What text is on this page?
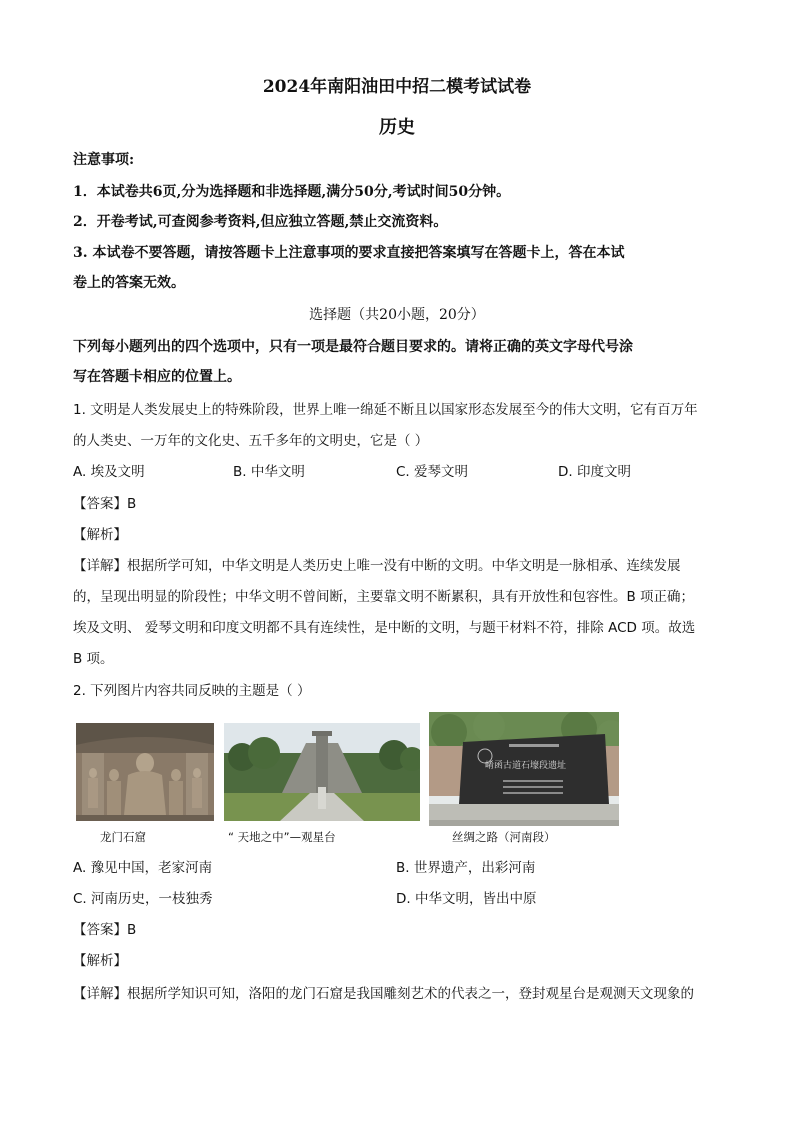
2024年南阳油田中招二模考试试卷
历史
注意事项:
1．本试卷共6页,分为选择题和非选择题,满分50分,考试时间50分钟。
2．开卷考试,可查阅参考资料,但应独立答题,禁止交流资料。
3. 本试卷不要答题，请按答题卡上注意事项的要求直接把答案填写在答题卡上，答在本试
卷上的答案无效。
选择题（共20小题，20分）
下列每小题列出的四个选项中，只有一项是最符合题目要求的。请将正确的英文字母代号涂
写在答题卡相应的位置上。
1. 文明是人类发展史上的特殊阶段，世界上唯一绵延不断且以国家形态发展至今的伟大文明，它有百万年
的人类史、一万年的文化史、五千多年的文明史，它是（ ）
A. 埃及文明	B. 中华文明	C. 爱琴文明	D. 印度文明
【答案】B
【解析】
【详解】根据所学可知，中华文明是人类历史上唯一没有中断的文明。中华文明是一脉相承、连续发展
的，呈现出明显的阶段性；中华文明不曾间断，主要靠文明不断累积，具有开放性和包容性。B 项正确；
埃及文明、 爱琴文明和印度文明都不具有连续性，是中断的文明，与题干材料不符，排除 ACD 项。故选
B 项。
2. 下列图片内容共同反映的主题是（ ）
龙门石窟	“ 天地之中”—观星台
崤函古道石壕段遗址
丝绸之路（河南段）
A. 豫见中国，老家河南	B. 世界遗产，出彩河南
C. 河南历史，一枝独秀	D. 中华文明，皆出中原
【答案】B
【解析】
【详解】根据所学知识可知，洛阳的龙门石窟是我国雕刻艺术的代表之一，登封观星台是观测天文现象的
